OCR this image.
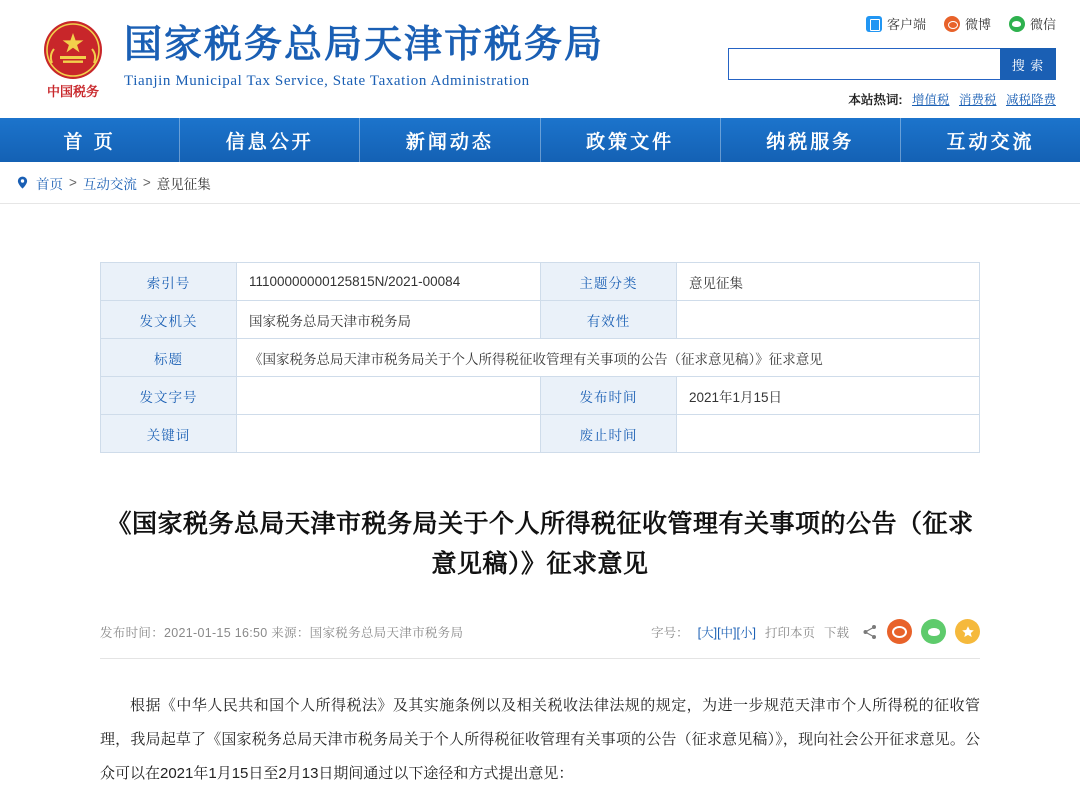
中国税务
国家税务总局天津市税务局
Tianjin Municipal Tax Service, State Taxation Administration
客户端	微博	微信
搜 索
本站热词: 增值税 消费税 减税降费
首 页	信息公开	新闻动态	政策文件	纳税服务	互动交流
首页 > 互动交流 > 意见征集
索引号	11100000000125815N/2021-00084	主题分类	意见征集
发文机关	国家税务总局天津市税务局	有效性	
标题	《国家税务总局天津市税务局关于个人所得税征收管理有关事项的公告（征求意见稿）》征求意见		
发文字号		发布时间	2021年1月15日
关键词		废止时间	
《国家税务总局天津市税务局关于个人所得税征收管理有关事项的公告（征求意见稿）》征求意见
发布时间：2021-01-15 16:50 来源：国家税务总局天津市税务局	字号： [大][中][小] 打印本页 下载

根据《中华人民共和国个人所得税法》及其实施条例以及相关税收法律法规的规定，为进一步规范天津市个人所得税的征收管理，我局起草了《国家税务总局天津市税务局关于个人所得税征收管理有关事项的公告（征求意见稿）》，现向社会公开征求意见。公众可以在2021年1月15日至2月13日期间通过以下途径和方式提出意见：
